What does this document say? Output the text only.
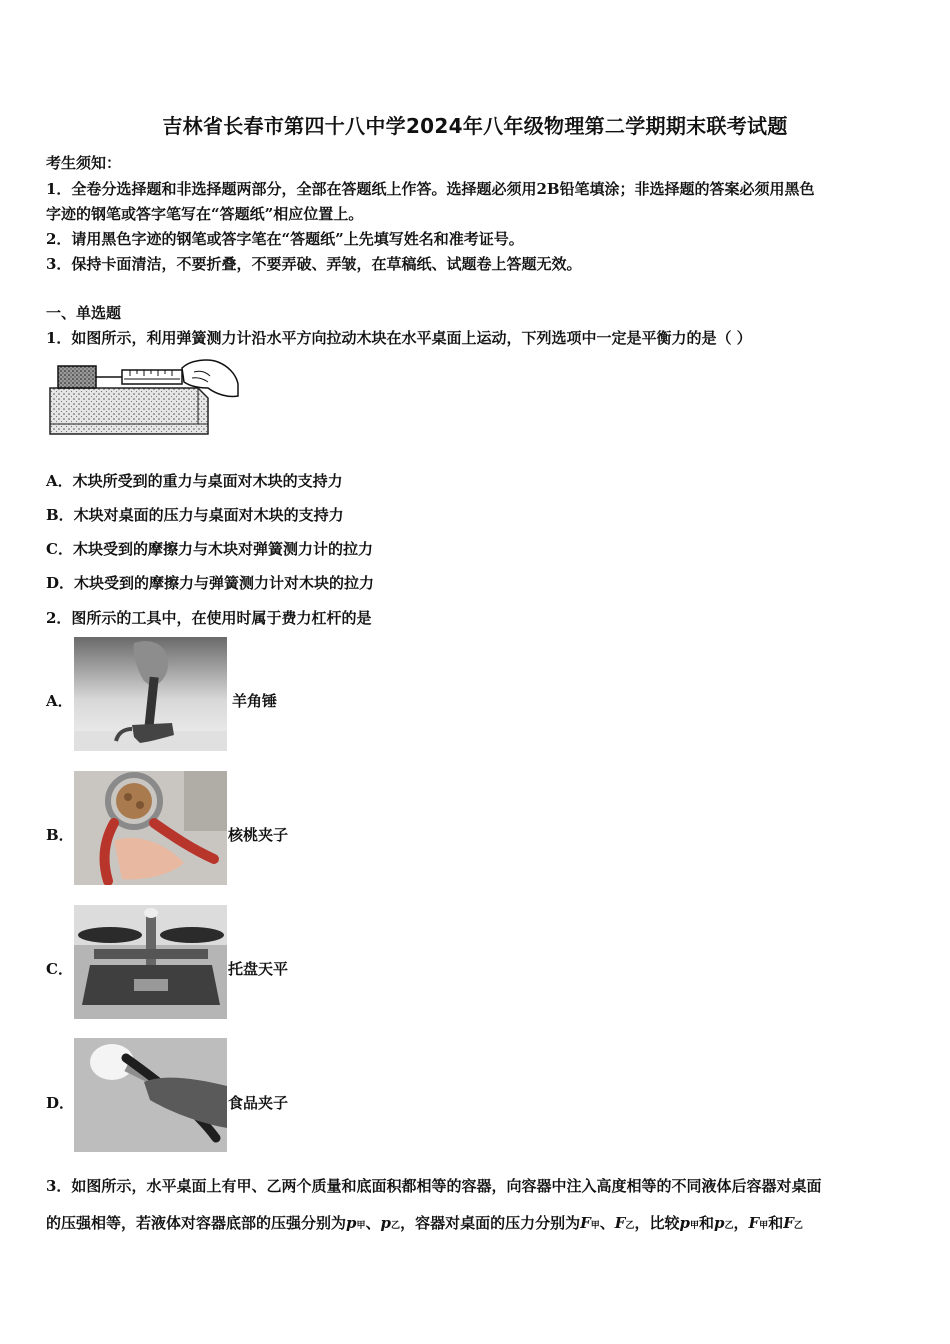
吉林省长春市第四十八中学2024年八年级物理第二学期期末联考试题
考生须知：
1．全卷分选择题和非选择题两部分，全部在答题纸上作答。选择题必须用2B铅笔填涂；非选择题的答案必须用黑色
字迹的钢笔或答字笔写在“答题纸”相应位置上。
2．请用黑色字迹的钢笔或答字笔在“答题纸”上先填写姓名和准考证号。
3．保持卡面清洁，不要折叠，不要弄破、弄皱，在草稿纸、试题卷上答题无效。
一、单选题
1．如图所示，利用弹簧测力计沿水平方向拉动木块在水平桌面上运动，下列选项中一定是平衡力的是（ ）
A．木块所受到的重力与桌面对木块的支持力
B．木块对桌面的压力与桌面对木块的支持力
C．木块受到的摩擦力与木块对弹簧测力计的拉力
D．木块受到的摩擦力与弹簧测力计对木块的拉力
2．图所示的工具中，在使用时属于费力杠杆的是
A．	羊角锤
B．	核桃夹子
C．	托盘天平
D．	食品夹子
3．如图所示，水平桌面上有甲、乙两个质量和底面积都相等的容器，向容器中注入高度相等的不同液体后容器对桌面
的压强相等，若液体对容器底部的压强分别为p甲、p乙，容器对桌面的压力分别为F甲、F乙，比较p甲和p乙，F甲和F乙
